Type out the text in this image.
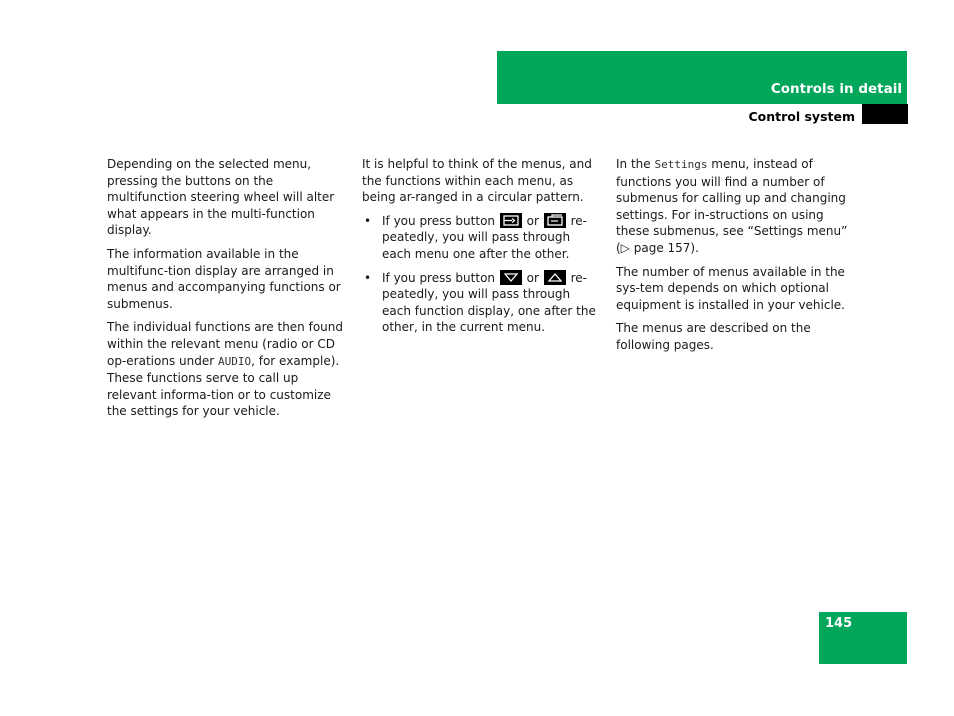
Controls in detail
Control system

Depending on the selected menu, pressing the buttons on the multifunction steering wheel will alter what appears in the multi-function display.

The information available in the multifunc-tion display are arranged in menus and accompanying functions or submenus.

The individual functions are then found within the relevant menu (radio or CD op-erations under AUDIO, for example). These functions serve to call up relevant informa-tion or to customize the settings for your vehicle.

It is helpful to think of the menus, and the functions within each menu, as being ar-ranged in a circular pattern.

• If you press button	or	re-peatedly, you will pass through each menu one after the other.
• If you press button	or	re-peatedly, you will pass through each function display, one after the other, in the current menu.

In the Settings menu, instead of functions you will find a number of submenus for calling up and changing settings. For in-structions on using these submenus, see “Settings menu” (▷ page 157).

The number of menus available in the sys-tem depends on which optional equipment is installed in your vehicle.

The menus are described on the following pages.

145
